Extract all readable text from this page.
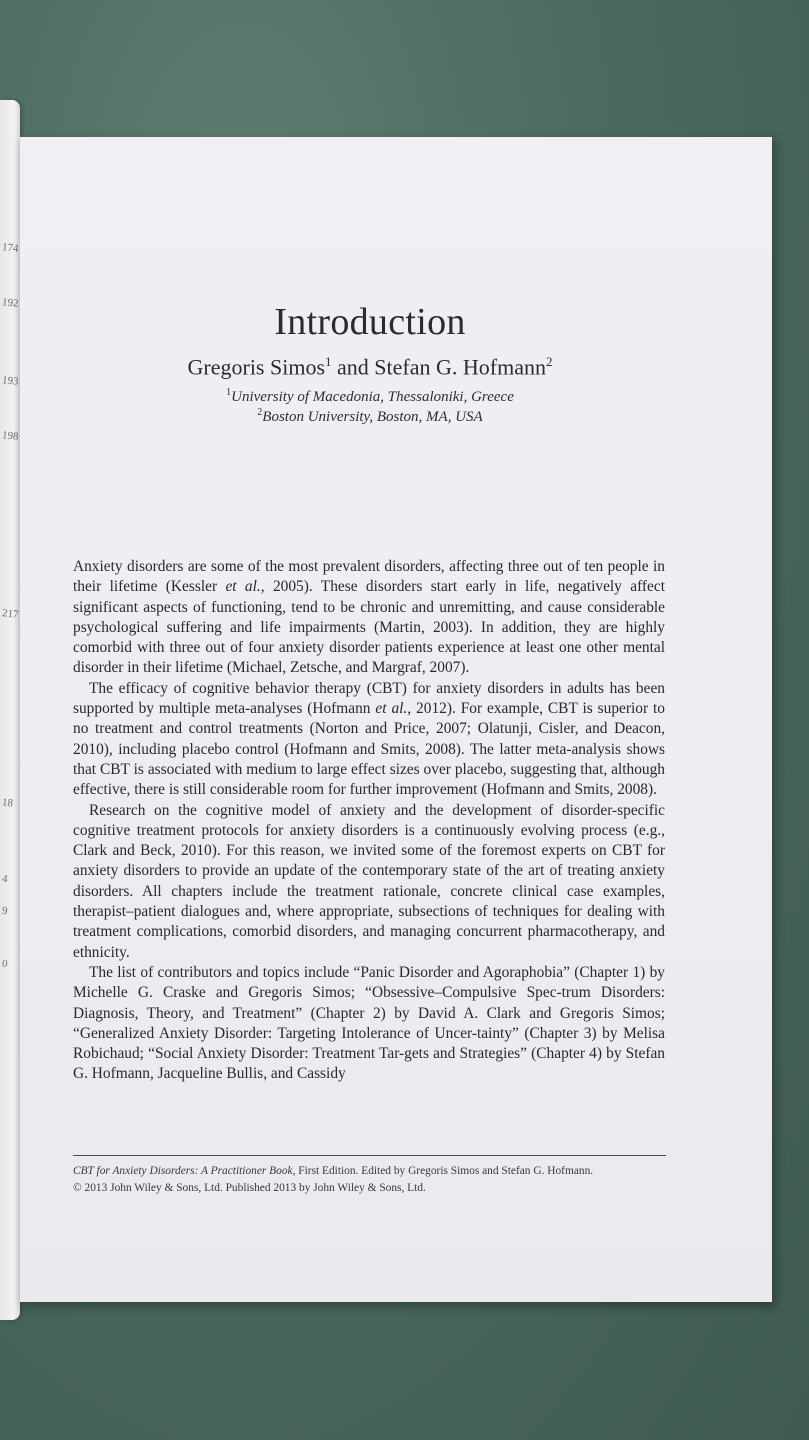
174
192
193
198
217
18
4
9
0
Introduction
Gregoris Simos$^1$ and Stefan G. Hofmann$^2$
$^1$University of Macedonia, Thessaloniki, Greece
$^2$Boston University, Boston, MA, USA

Anxiety disorders are some of the most prevalent disorders, affecting three out of ten people in their lifetime (Kessler et al., 2005). These disorders start early in life, negatively affect significant aspects of functioning, tend to be chronic and unremitting, and cause considerable psychological suffering and life impairments (Martin, 2003). In addition, they are highly comorbid with three out of four anxiety disorder patients experience at least one other mental disorder in their lifetime (Michael, Zetsche, and Margraf, 2007).

The efficacy of cognitive behavior therapy (CBT) for anxiety disorders in adults has been supported by multiple meta-analyses (Hofmann et al., 2012). For example, CBT is superior to no treatment and control treatments (Norton and Price, 2007; Olatunji, Cisler, and Deacon, 2010), including placebo control (Hofmann and Smits, 2008). The latter meta-analysis shows that CBT is associated with medium to large effect sizes over placebo, suggesting that, although effective, there is still considerable room for further improvement (Hofmann and Smits, 2008).

Research on the cognitive model of anxiety and the development of disorder-specific cognitive treatment protocols for anxiety disorders is a continuously evolving process (e.g., Clark and Beck, 2010). For this reason, we invited some of the foremost experts on CBT for anxiety disorders to provide an update of the contemporary state of the art of treating anxiety disorders. All chapters include the treatment rationale, concrete clinical case examples, therapist–patient dialogues and, where appropriate, subsections of techniques for dealing with treatment complications, comorbid disorders, and managing concurrent pharmacotherapy, and ethnicity.

The list of contributors and topics include “Panic Disorder and Agoraphobia” (Chapter 1) by Michelle G. Craske and Gregoris Simos; “Obsessive–Compulsive Spec-trum Disorders: Diagnosis, Theory, and Treatment” (Chapter 2) by David A. Clark and Gregoris Simos; “Generalized Anxiety Disorder: Targeting Intolerance of Uncer-tainty” (Chapter 3) by Melisa Robichaud; “Social Anxiety Disorder: Treatment Tar-gets and Strategies” (Chapter 4) by Stefan G. Hofmann, Jacqueline Bullis, and Cassidy

CBT for Anxiety Disorders: A Practitioner Book, First Edition. Edited by Gregoris Simos and Stefan G. Hofmann.

© 2013 John Wiley & Sons, Ltd. Published 2013 by John Wiley & Sons, Ltd.
